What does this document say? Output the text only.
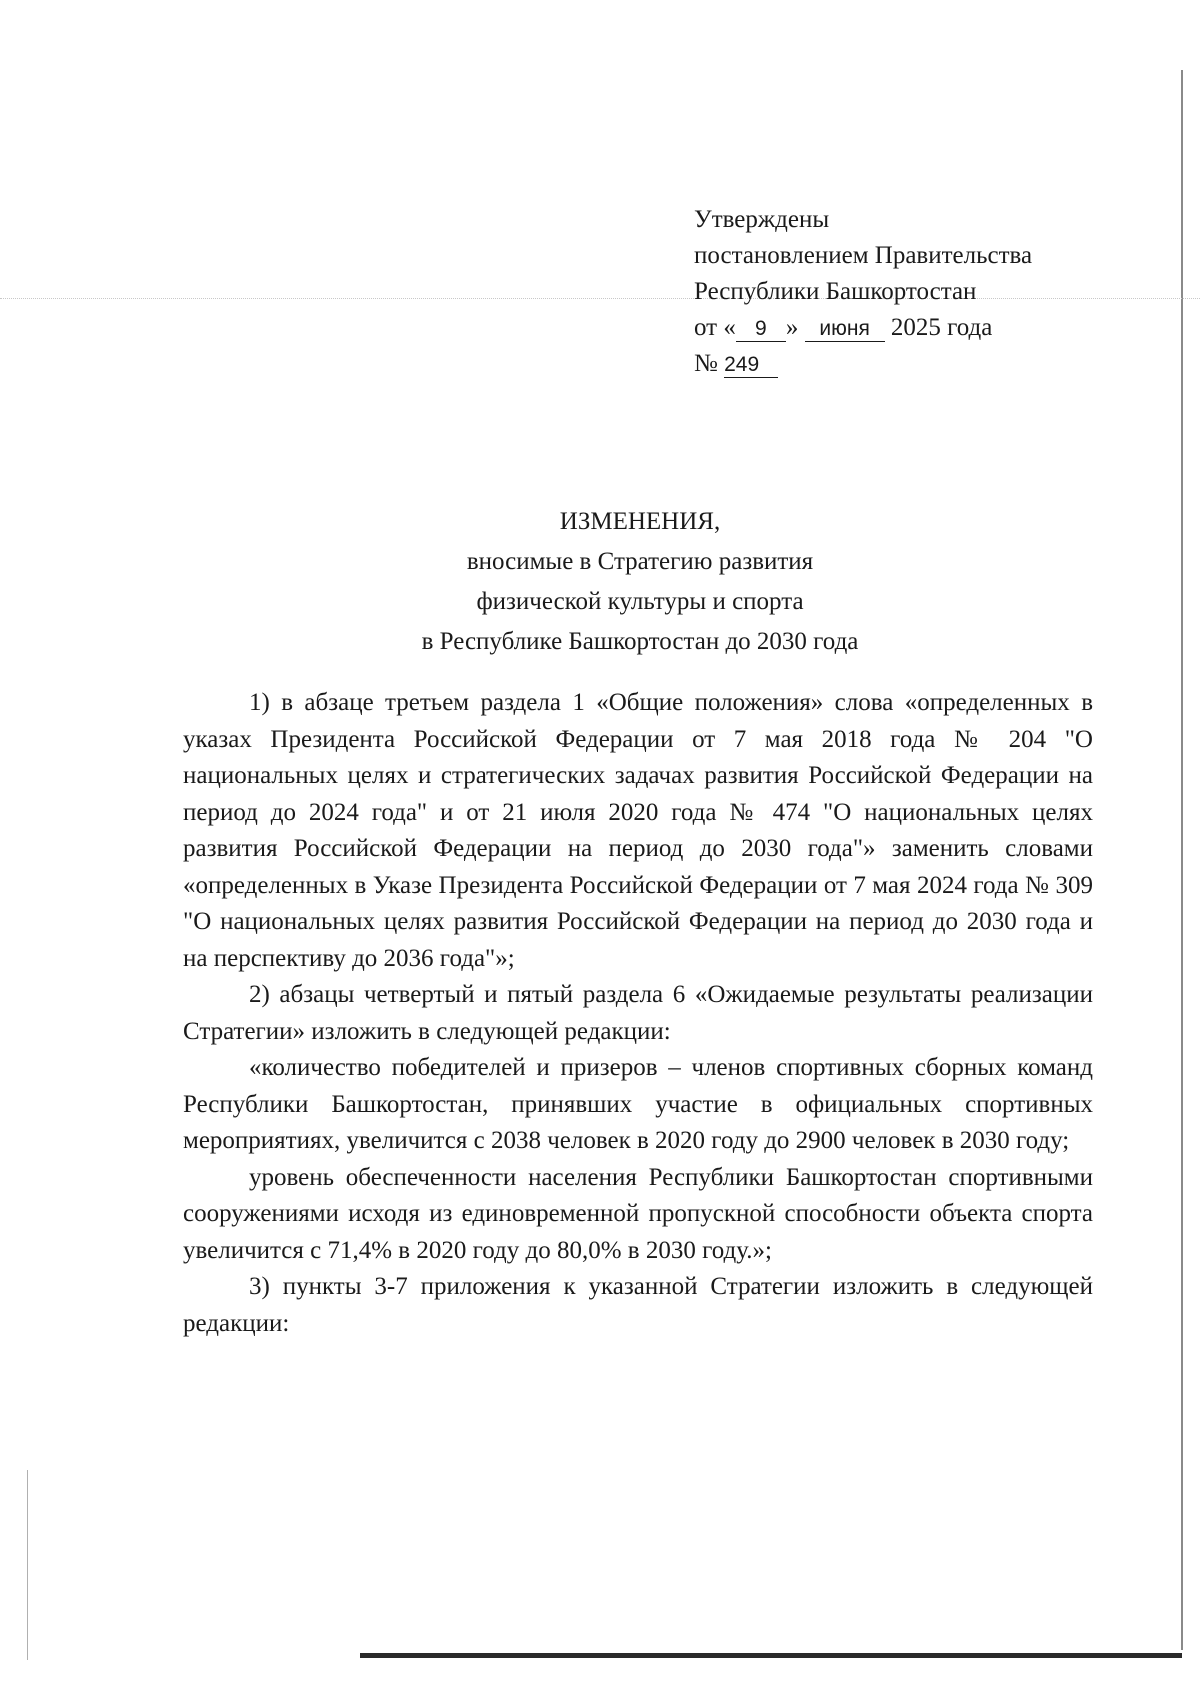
Утверждены
постановлением Правительства
Республики Башкортостан
от « 9 » июня 2025 года
№ 249
ИЗМЕНЕНИЯ,
вносимые в Стратегию развития
физической культуры и спорта
в Республике Башкортостан до 2030 года

1) в абзаце третьем раздела 1 «Общие положения» слова «определенных в указах Президента Российской Федерации от 7 мая 2018 года № 204 "О национальных целях и стратегических задачах развития Российской Федерации на период до 2024 года" и от 21 июля 2020 года № 474 "О национальных целях развития Российской Федерации на период до 2030 года"» заменить словами «определенных в Указе Президента Российской Федерации от 7 мая 2024 года № 309 "О национальных целях развития Российской Федерации на период до 2030 года и на перспективу до 2036 года"»;

2) абзацы четвертый и пятый раздела 6 «Ожидаемые результаты реализации Стратегии» изложить в следующей редакции:

«количество победителей и призеров – членов спортивных сборных команд Республики Башкортостан, принявших участие в официальных спортивных мероприятиях, увеличится с 2038 человек в 2020 году до 2900 человек в 2030 году;

уровень обеспеченности населения Республики Башкортостан спортивными сооружениями исходя из единовременной пропускной способности объекта спорта увеличится с 71,4% в 2020 году до 80,0% в 2030 году.»;

3) пункты 3-7 приложения к указанной Стратегии изложить в следующей редакции:
